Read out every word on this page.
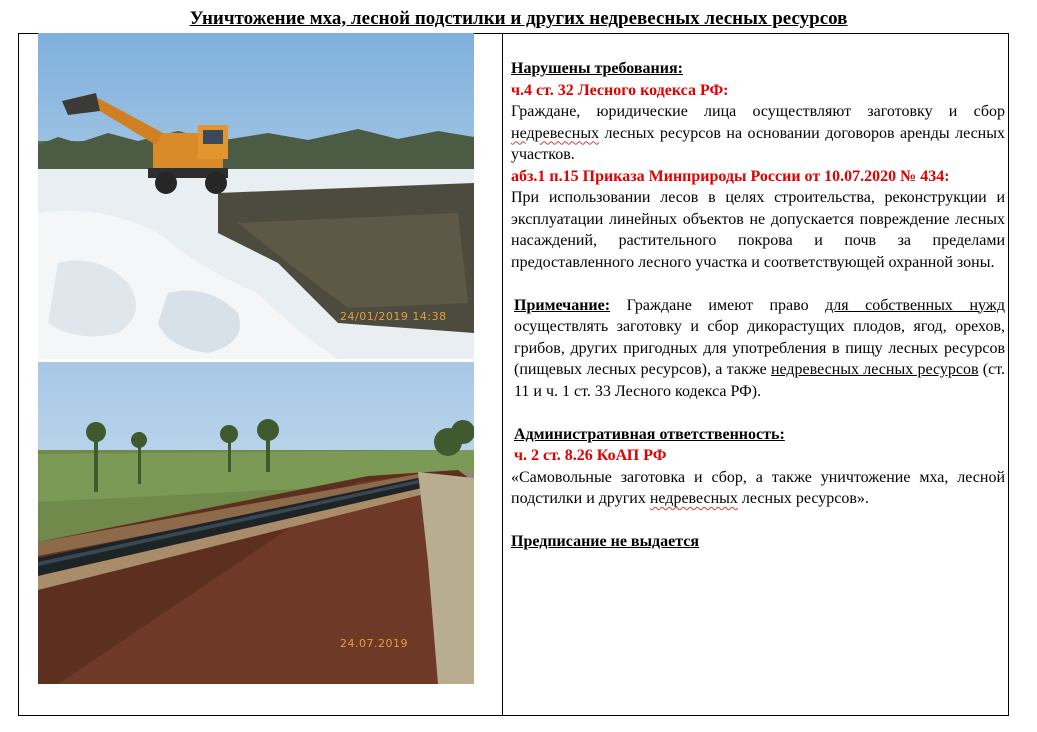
Уничтожение мха, лесной подстилки и других недревесных лесных ресурсов
24/01/2019 14:38
24.07.2019

Нарушены требования:

ч.4 ст. 32 Лесного кодекса РФ:

Граждане, юридические лица осуществляют заготовку и сбор недревесных лесных ресурсов на основании договоров аренды лесных участков.

абз.1 п.15 Приказа Минприроды России от 10.07.2020 № 434:

При использовании лесов в целях строительства, реконструкции и эксплуатации линейных объектов не допускается повреждение лесных насаждений, растительного покрова и почв за пределами предоставленного лесного участка и соответствующей охранной зоны.

Примечание: Граждане имеют право для собственных нужд осуществлять заготовку и сбор дикорастущих плодов, ягод, орехов, грибов, других пригодных для употребления в пищу лесных ресурсов (пищевых лесных ресурсов), а также недревесных лесных ресурсов (ст. 11 и ч. 1 ст. 33 Лесного кодекса РФ).

Административная ответственность:

ч. 2 ст. 8.26 КоАП РФ

«Самовольные заготовка и сбор, а также уничтожение мха, лесной подстилки и других недревесных лесных ресурсов».

Предписание не выдается
